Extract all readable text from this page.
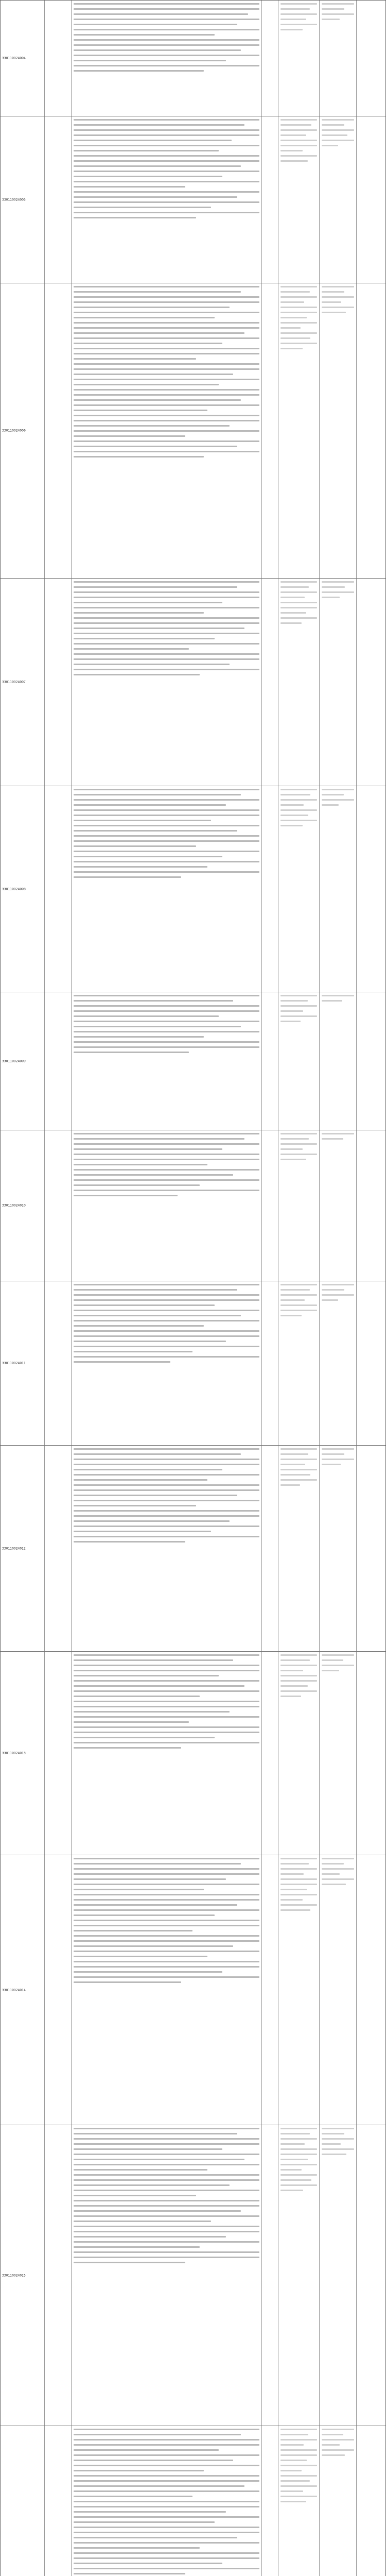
330110024004
330110024005
330110024006
330110024007
330110024008
330110024009
330110024010
330110024011
330110024012
330110024013
330110024014
330110024015
